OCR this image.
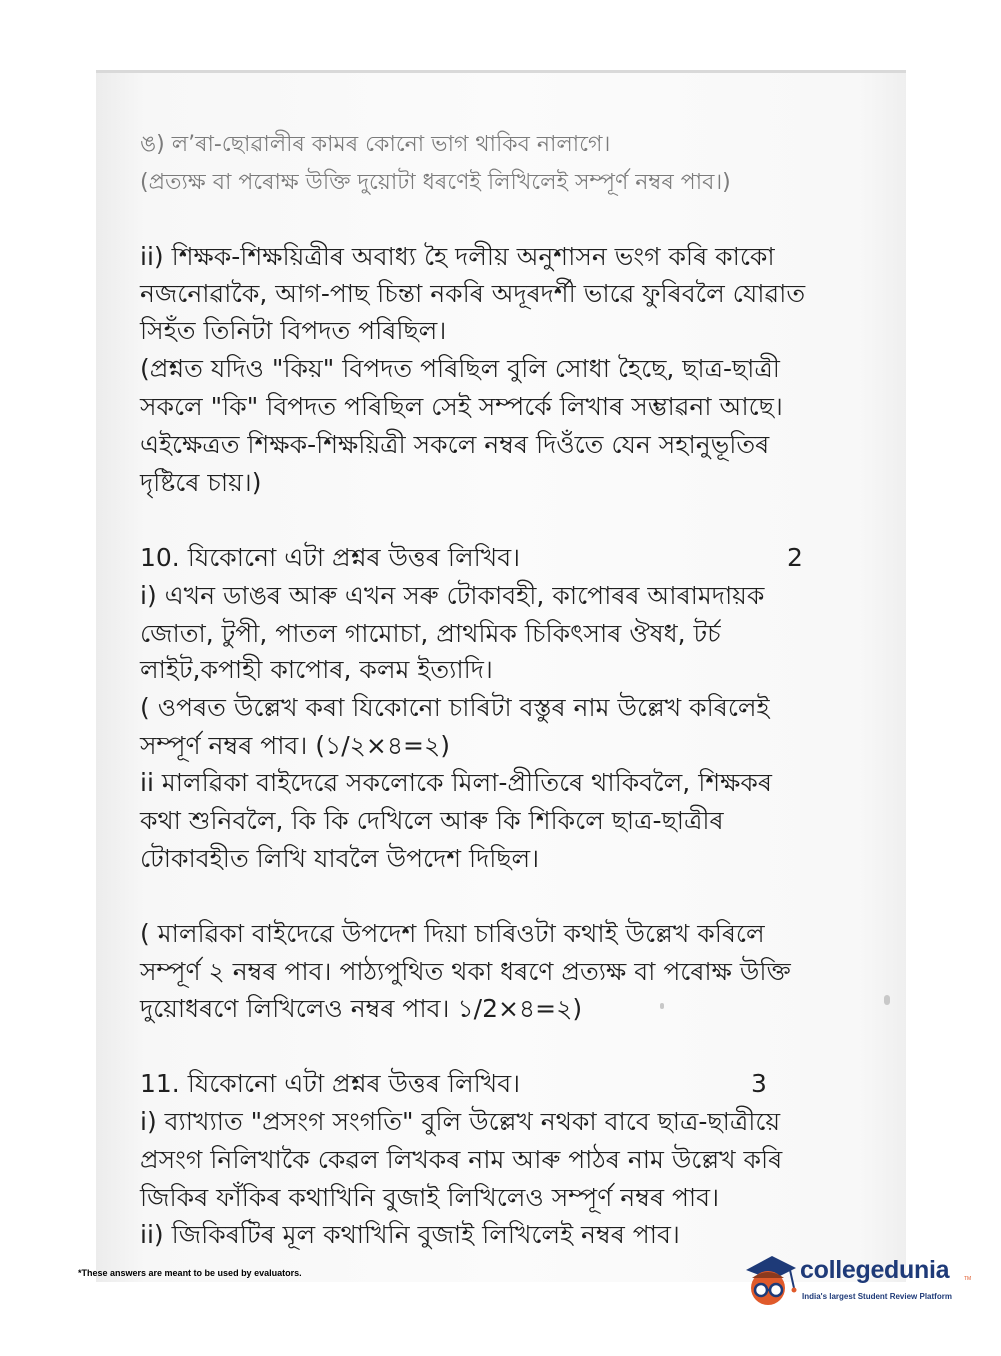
ঙ) ল’ৰা-ছোৱালীৰ কামৰ কোনো ভাগ থাকিব নালাগে।
(প্ৰত্যক্ষ বা পৰোক্ষ উক্তি দুয়োটা ধৰণেই লিখিলেই সম্পূৰ্ণ নম্বৰ পাব।)
ii) শিক্ষক-শিক্ষয়িত্ৰীৰ অবাধ্য হৈ দলীয় অনুশাসন ভংগ কৰি কাকো
নজনোৱাকৈ, আগ-পাছ চিন্তা নকৰি অদূৰদৰ্শী ভাৱে ফুৰিবলৈ যোৱাত
সিহঁত তিনিটা বিপদত পৰিছিল।
(প্ৰশ্নত যদিও "কিয়" বিপদত পৰিছিল বুলি সোধা হৈছে, ছাত্ৰ-ছাত্ৰী
সকলে "কি" বিপদত পৰিছিল সেই সম্পৰ্কে লিখাৰ সম্ভাৱনা আছে।
এইক্ষেত্ৰত শিক্ষক-শিক্ষয়িত্ৰী সকলে নম্বৰ দিওঁতে যেন সহানুভূতিৰ
দৃষ্টিৰে চায়।)
10. যিকোনো এটা প্ৰশ্নৰ উত্তৰ লিখিব।	2
i) এখন ডাঙৰ আৰু এখন সৰু টোকাবহী, কাপোৰৰ আৰামদায়ক
জোতা, টুপী, পাতল গামোচা, প্ৰাথমিক চিকিৎসাৰ ঔষধ, টৰ্চ
লাইট,কপাহী কাপোৰ, কলম ইত্যাদি।
( ওপৰত উল্লেখ কৰা যিকোনো চাৰিটা বস্তুৰ নাম উল্লেখ কৰিলেই
সম্পূৰ্ণ নম্বৰ পাব। (১/২×৪=২)
ii মালৱিকা বাইদেৱে সকলোকে মিলা-প্ৰীতিৰে থাকিবলৈ, শিক্ষকৰ
কথা শুনিবলৈ, কি কি দেখিলে আৰু কি শিকিলে ছাত্ৰ-ছাত্ৰীৰ
টোকাবহীত লিখি যাবলৈ উপদেশ দিছিল।
( মালৱিকা বাইদেৱে উপদেশ দিয়া চাৰিওটা কথাই উল্লেখ কৰিলে
সম্পূৰ্ণ ২ নম্বৰ পাব। পাঠ্যপুথিত থকা ধৰণে প্ৰত্যক্ষ বা পৰোক্ষ উক্তি
দুয়োধৰণে লিখিলেও নম্বৰ পাব। ১/2×৪=২)
11. যিকোনো এটা প্ৰশ্নৰ উত্তৰ লিখিব।	3
i) ব্যাখ্যাত "প্ৰসংগ সংগতি" বুলি উল্লেখ নথকা বাবে ছাত্ৰ-ছাত্ৰীয়ে
প্ৰসংগ নিলিখাকৈ কেৱল লিখকৰ নাম আৰু পাঠৰ নাম উল্লেখ কৰি
জিকিৰ ফাঁকিৰ কথাখিনি বুজাই লিখিলেও সম্পূৰ্ণ নম্বৰ পাব।
ii) জিকিৰটিৰ মূল কথাখিনি বুজাই লিখিলেই নম্বৰ পাব।
*These answers are meant to be used by evaluators.	collegedunia	TM
India's largest Student Review Platform
